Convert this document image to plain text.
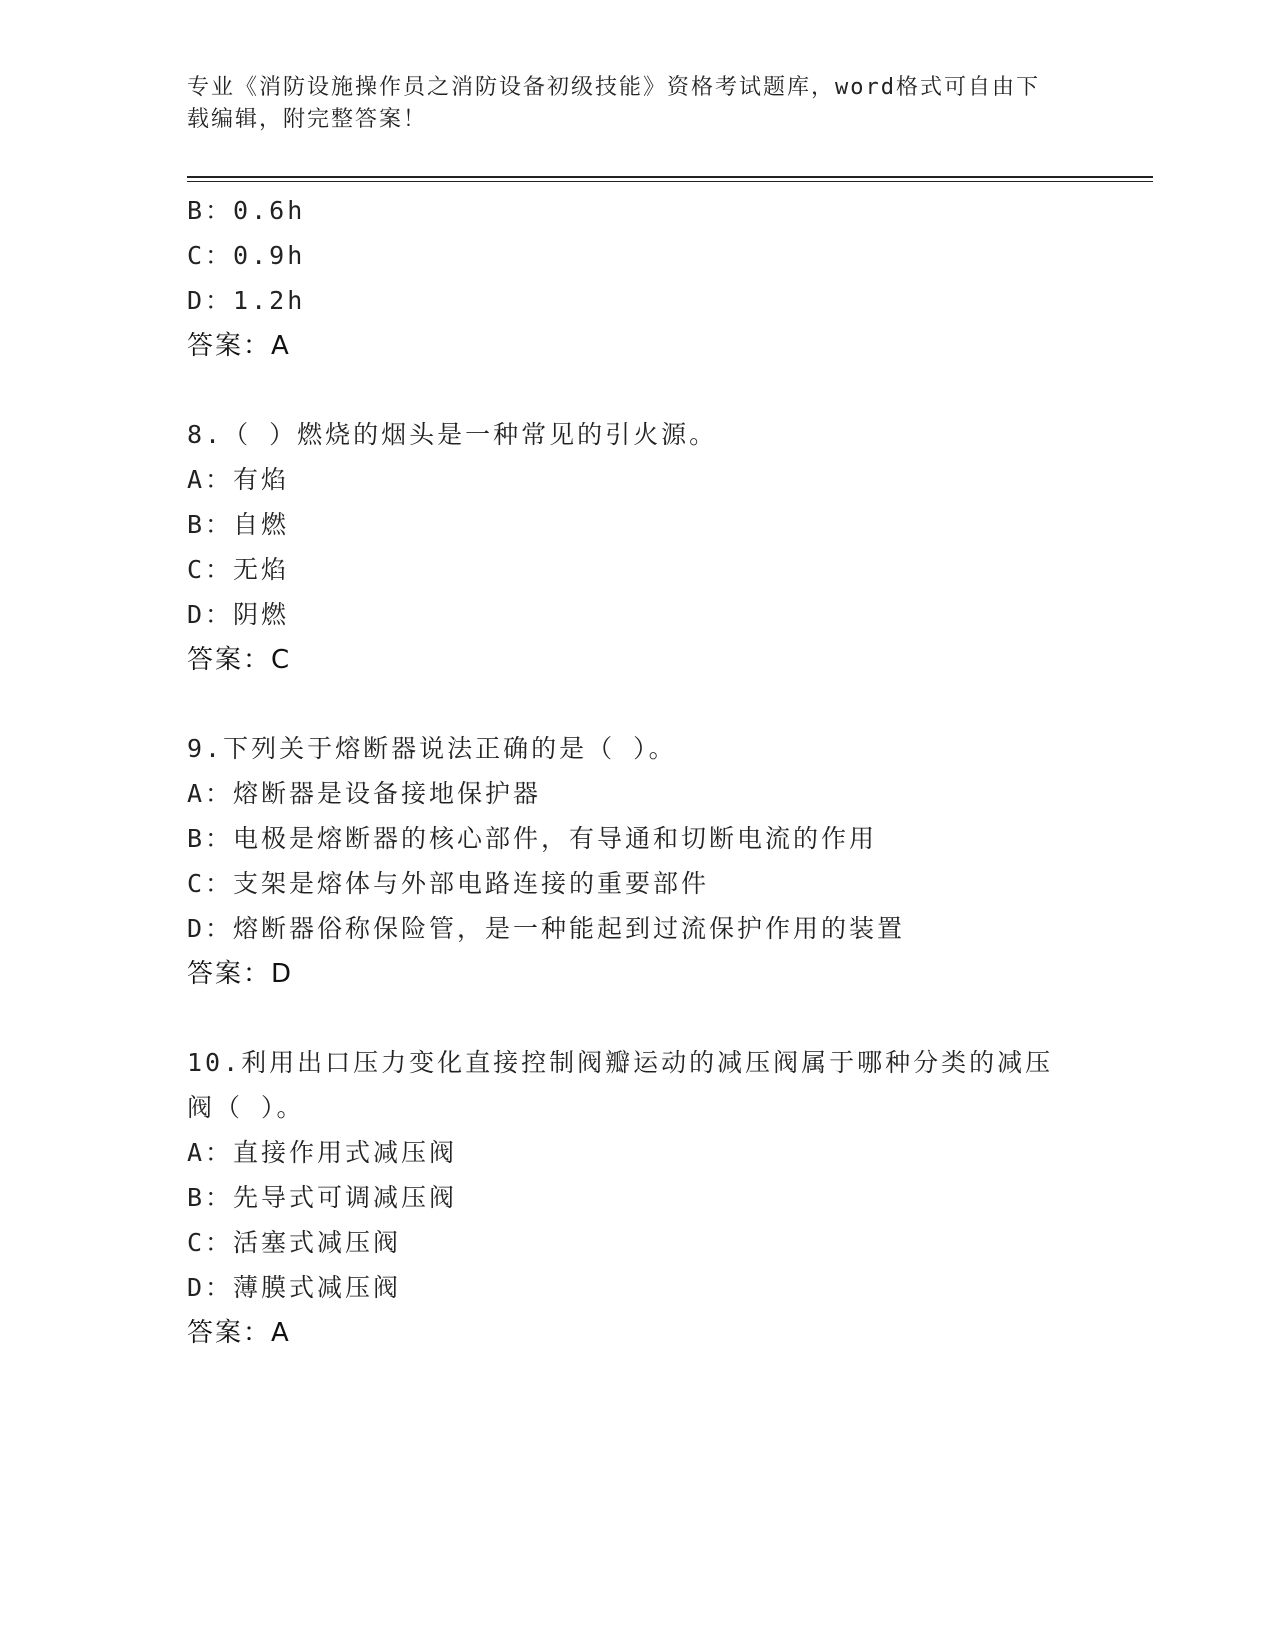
专业《消防设施操作员之消防设备初级技能》资格考试题库，word格式可自由下
载编辑，附完整答案！
B：0.6h
C：0.9h
D：1.2h
答案：A
8.（ ）燃烧的烟头是一种常见的引火源。
A：有焰
B：自燃
C：无焰
D：阴燃
答案：C
9.下列关于熔断器说法正确的是（ ）。
A：熔断器是设备接地保护器
B：电极是熔断器的核心部件，有导通和切断电流的作用
C：支架是熔体与外部电路连接的重要部件
D：熔断器俗称保险管，是一种能起到过流保护作用的装置
答案：D
10.利用出口压力变化直接控制阀瓣运动的减压阀属于哪种分类的减压
阀（ ）。
A：直接作用式减压阀
B：先导式可调减压阀
C：活塞式减压阀
D：薄膜式减压阀
答案：A
